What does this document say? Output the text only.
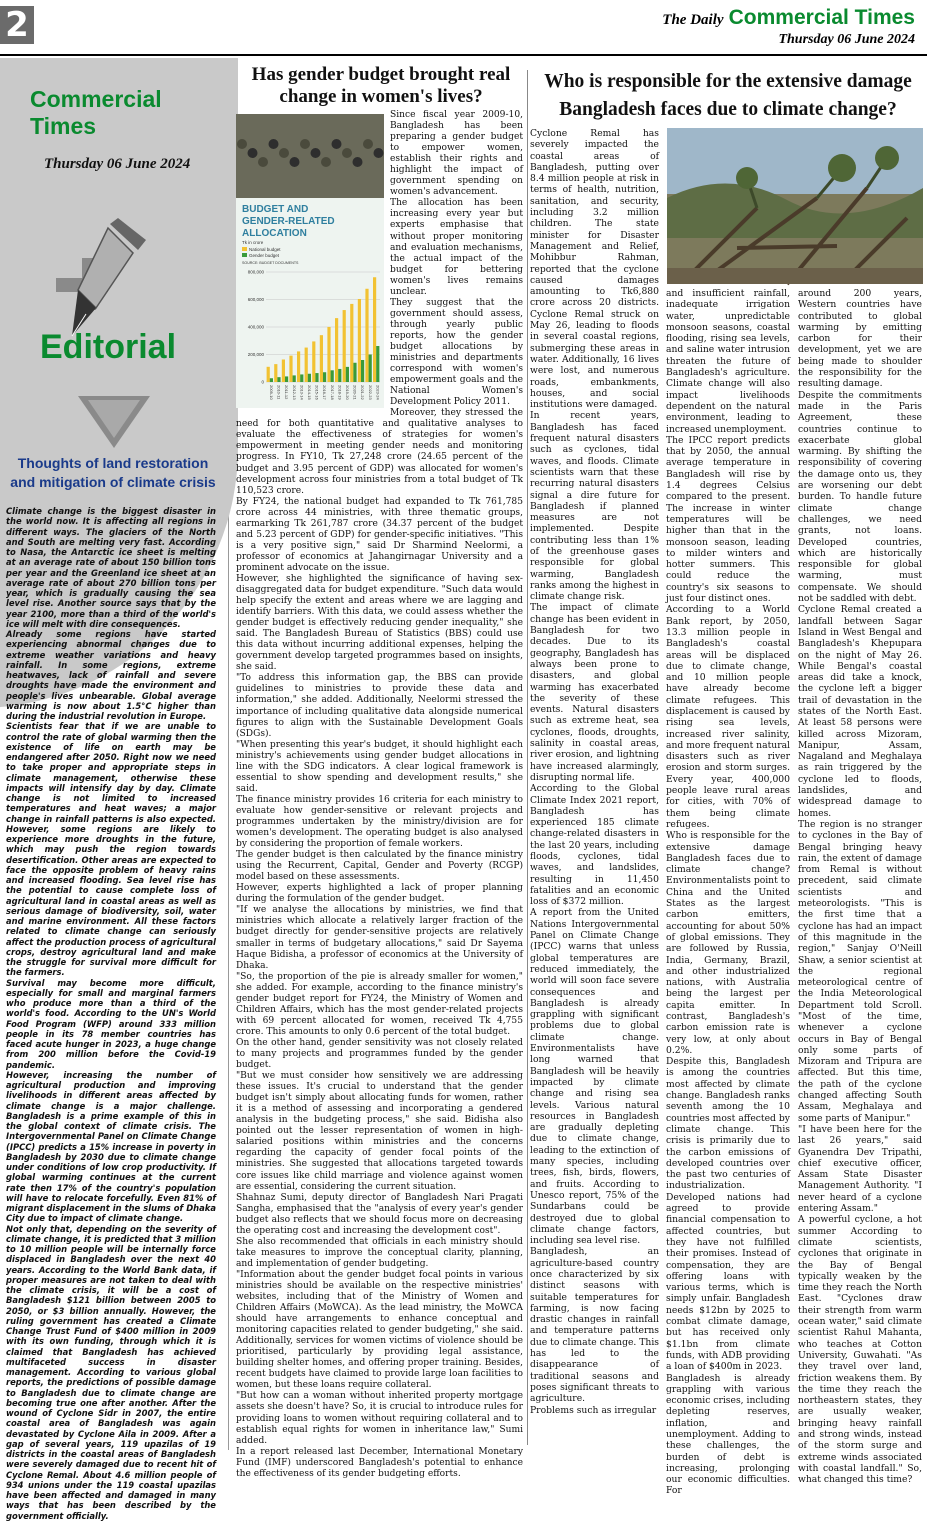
2	The Daily Commercial Times
Thursday 06 June 2024
Commercial Times
Thursday 06 June 2024
Editorial
Thoughts of land restoration and mitigation of climate crisis

Climate change is the biggest disaster in the world now. It is affecting all regions in different ways. The glaciers of the North and South are melting very fast. According to Nasa, the Antarctic ice sheet is melting at an average rate of about 150 billion tons per year and the Greenland ice sheet at an average rate of about 270 billion tons per year, which is gradually causing the sea level rise. Another source says that by the year 2100, more than a third of the world's ice will melt with dire consequences.

Already some regions have started experiencing abnormal changes due to extreme weather variations and heavy rainfall. In some regions, extreme heatwaves, lack of rainfall and severe droughts have made the environment and people's lives unbearable. Global average warming is now about 1.5°C higher than during the industrial revolution in Europe.

Scientists fear that if we are unable to control the rate of global warming then the existence of life on earth may be endangered after 2050. Right now we need to take proper and appropriate steps in climate management, otherwise these impacts will intensify day by day. Climate change is not limited to increased temperatures and heat waves; a major change in rainfall patterns is also expected. However, some regions are likely to experience more droughts in the future, which may push the region towards desertification. Other areas are expected to face the opposite problem of heavy rains and increased flooding. Sea level rise has the potential to cause complete loss of agricultural land in coastal areas as well as serious damage of biodiversity, soil, water and marine environment. All these factors related to climate change can seriously affect the production process of agricultural crops, destroy agricultural land and make the struggle for survival more difficult for the farmers.

Survival may become more difficult, especially for small and marginal farmers who produce more than a third of the world's food. According to the UN's World Food Program (WFP) around 333 million people in its 78 member countries has faced acute hunger in 2023, a huge change from 200 million before the Covid-19 pandemic.

However, increasing the number of agricultural production and improving livelihoods in different areas affected by climate change is a major challenge. Bangladesh is a prime example of this in the global context of climate crisis. The Intergovernmental Panel on Climate Change (IPCC) predicts a 15% increase in poverty in Bangladesh by 2030 due to climate change under conditions of low crop productivity. If global warming continues at the current rate then 17% of the country's population will have to relocate forcefully. Even 81% of migrant displacement in the slums of Dhaka City due to impact of climate change.

Not only that, depending on the severity of climate change, it is predicted that 3 million to 10 million people will be internally force displaced in Bangladesh over the next 40 years. According to the World Bank data, if proper measures are not taken to deal with the climate crisis, it will be a cost of Bangladesh $121 billion between 2005 to 2050, or $3 billion annually. However, the ruling government has created a Climate Change Trust Fund of $400 million in 2009 with its own funding, through which it is claimed that Bangladesh has achieved multifaceted success in disaster management. According to various global reports, the predictions of possible damage to Bangladesh due to climate change are becoming true one after another. After the wound of Cyclone Sidr in 2007, the entire coastal area of Bangladesh was again devastated by Cyclone Aila in 2009. After a gap of several years, 119 upazilas of 19 districts in the coastal areas of Bangladesh were severely damaged due to recent hit of Cyclone Remal. About 4.6 million people of 934 unions under the 119 coastal upazilas have been affected and damaged in many ways that has been described by the government officially.

Has gender budget brought real change in women's lives?
BUDGET AND
GENDER-RELATED
ALLOCATION
Tk in crore
National budget
Gender budget
SOURCE: BUDGET DOCUMENTS
800,000
600,000
400,000
200,000
0
2009-10 2010-11 2011-12 2012-13 2013-14 2014-15 2015-16 2016-17 2017-18 2018-19 2019-20 2020-21 2021-22 2022-23 2023-24

Since fiscal year 2009-10, Bangladesh has been preparing a gender budget to empower women, establish their rights and highlight the impact of government spending on women's advancement.

The allocation has been increasing every year but experts emphasise that without proper monitoring and evaluation mechanisms, the actual impact of the budget for bettering women's lives remains unclear.

They suggest that the government should assess, through yearly public reports, how the gender budget allocations by ministries and departments correspond with women's empowerment goals and the National Women's Development Policy 2011.

Moreover, they stressed the need for both quantitative and qualitative analyses to evaluate the effectiveness of strategies for women's empowerment in meeting gender needs and monitoring progress. In FY10, Tk 27,248 crore (24.65 percent of the budget and 3.95 percent of GDP) was allocated for women's development across four ministries from a total budget of Tk 110,523 crore.

By FY24, the national budget had expanded to Tk 761,785 crore across 44 ministries, with three thematic groups, earmarking Tk 261,787 crore (34.37 percent of the budget and 5.23 percent of GDP) for gender-specific initiatives. "This is a very positive sign," said Dr Sharmind Neelormi, a professor of economics at Jahangirnagar University and a prominent advocate on the issue.

However, she highlighted the significance of having sex-disaggregated data for budget expenditure. "Such data would help specify the extent and areas where we are lagging and identify barriers. With this data, we could assess whether the gender budget is effectively reducing gender inequality," she said. The Bangladesh Bureau of Statistics (BBS) could use this data without incurring additional expenses, helping the government develop targeted programmes based on insights, she said.

"To address this information gap, the BBS can provide guidelines to ministries to provide these data and information," she added. Additionally, Neelormi stressed the importance of including qualitative data alongside numerical figures to align with the Sustainable Development Goals (SDGs).

"When presenting this year's budget, it should highlight each ministry's achievements using gender budget allocations in line with the SDG indicators. A clear logical framework is essential to show spending and development results," she said.

The finance ministry provides 16 criteria for each ministry to evaluate how gender-sensitive or relevant projects and programmes undertaken by the ministry/division are for women's development. The operating budget is also analysed by considering the proportion of female workers.

The gender budget is then calculated by the finance ministry using the Recurrent, Capital, Gender and Poverty (RCGP) model based on these assessments.

However, experts highlighted a lack of proper planning during the formulation of the gender budget.

"If we analyse the allocations by ministries, we find that ministries which allocate a relatively larger fraction of the budget directly for gender-sensitive projects are relatively smaller in terms of budgetary allocations," said Dr Sayema Haque Bidisha, a professor of economics at the University of Dhaka.

"So, the proportion of the pie is already smaller for women," she added. For example, according to the finance ministry's gender budget report for FY24, the Ministry of Women and Children Affairs, which has the most gender-related projects with 69 percent allocated for women, received Tk 4,755 crore. This amounts to only 0.6 percent of the total budget.

On the other hand, gender sensitivity was not closely related to many projects and programmes funded by the gender budget.

"But we must consider how sensitively we are addressing these issues. It's crucial to understand that the gender budget isn't simply about allocating funds for women, rather it is a method of assessing and incorporating a gendered analysis in the budgeting process," she said. Bidisha also pointed out the lesser representation of women in high-salaried positions within ministries and the concerns regarding the capacity of gender focal points of the ministries. She suggested that allocations targeted towards core issues like child marriage and violence against women are essential, considering the current situation.

Shahnaz Sumi, deputy director of Bangladesh Nari Pragati Sangha, emphasised that the "analysis of every year's gender budget also reflects that we should focus more on decreasing the operating cost and increasing the development cost".

She also recommended that officials in each ministry should take measures to improve the conceptual clarity, planning, and implementation of gender budgeting.

"Information about the gender budget focal points in various ministries should be available on the respective ministries' websites, including that of the Ministry of Women and Children Affairs (MoWCA). As the lead ministry, the MoWCA should have arrangements to enhance conceptual and monitoring capacities related to gender budgeting," she said. Additionally, services for women victims of violence should be prioritised, particularly by providing legal assistance, building shelter homes, and offering proper training. Besides, recent budgets have claimed to provide large loan facilities to women, but these loans require collateral.

"But how can a woman without inherited property mortgage assets she doesn't have? So, it is crucial to introduce rules for providing loans to women without requiring collateral and to establish equal rights for women in inheritance law," Sumi added.

In a report released last December, International Monetary Fund (IMF) underscored Bangladesh's potential to enhance the effectiveness of its gender budgeting efforts.

Who is responsible for the extensive damage Bangladesh faces due to climate change?

Cyclone Remal has severely impacted the coastal areas of Bangladesh, putting over 8.4 million people at risk in terms of health, nutrition, sanitation, and security, including 3.2 million children. The state minister for Disaster Management and Relief, Mohibbur Rahman, reported that the cyclone caused damages amounting to Tk6,880 crore across 20 districts. Cyclone Remal struck on May 26, leading to floods in several coastal regions, submerging these areas in water. Additionally, 16 lives were lost, and numerous roads, embankments, houses, and social institutions were damaged.

In recent years, Bangladesh has faced frequent natural disasters such as cyclones, tidal waves, and floods. Climate scientists warn that these recurring natural disasters signal a dire future for Bangladesh if planned measures are not implemented. Despite contributing less than 1% of the greenhouse gases responsible for global warming, Bangladesh ranks among the highest in climate change risk.

The impact of climate change has been evident in Bangladesh for two decades. Due to its geography, Bangladesh has always been prone to disasters, and global warming has exacerbated the severity of these events. Natural disasters such as extreme heat, sea cyclones, floods, droughts, salinity in coastal areas, river erosion, and lightning have increased alarmingly, disrupting normal life.

According to the Global Climate Index 2021 report, Bangladesh has experienced 185 climate change-related disasters in the last 20 years, including floods, cyclones, tidal waves, and landslides, resulting in 11,450 fatalities and an economic loss of $372 million.

A report from the United Nations Intergovernmental Panel on Climate Change (IPCC) warns that unless global temperatures are reduced immediately, the world will soon face severe consequences and Bangladesh is already grappling with significant problems due to global climate change. Environmentalists have long warned that Bangladesh will be heavily impacted by climate change and rising sea levels. Various natural resources in Bangladesh are gradually depleting due to climate change, leading to the extinction of many species, including trees, fish, birds, flowers, and fruits. According to Unesco report, 75% of the Sundarbans could be destroyed due to global climate change factors, including sea level rise.

Bangladesh, an agriculture-based country once characterized by six distinct seasons with suitable temperatures for farming, is now facing drastic changes in rainfall and temperature patterns due to climate change. This has led to the disappearance of traditional seasons and poses significant threats to agriculture.

Problems such as irregular

and insufficient rainfall, inadequate irrigation water, unpredictable monsoon seasons, coastal flooding, rising sea levels, and saline water intrusion threaten the future of Bangladesh's agriculture. Climate change will also impact livelihoods dependent on the natural environment, leading to increased unemployment.

The IPCC report predicts that by 2050, the annual average temperature in Bangladesh will rise by 1.4 degrees Celsius compared to the present. The increase in winter temperatures will be higher than that in the monsoon season, leading to milder winters and hotter summers. This could reduce the country's six seasons to just four distinct ones.

According to a World Bank report, by 2050, 13.3 million people in Bangladesh's coastal areas will be displaced due to climate change, and 10 million people have already become climate refugees. This displacement is caused by rising sea levels, increased river salinity, and more frequent natural disasters such as river erosion and storm surges. Every year, 400,000 people leave rural areas for cities, with 70% of them being climate refugees.

Who is responsible for the extensive damage Bangladesh faces due to climate change? Environmentalists point to China and the United States as the largest carbon emitters, accounting for about 50% of global emissions. They are followed by Russia, India, Germany, Brazil, and other industrialized nations, with Australia being the largest per capita emitter. In contrast, Bangladesh's carbon emission rate is very low, at only about 0.2%.

Despite this, Bangladesh is among the countries most affected by climate change. Bangladesh ranks seventh among the 10 countries most affected by climate change. This crisis is primarily due to the carbon emissions of developed countries over the past two centuries of industrialization. Developed nations had agreed to provide financial compensation to affected countries, but they have not fulfilled their promises. Instead of compensation, they are offering loans with various terms, which is simply unfair. Bangladesh needs $12bn by 2025 to combat climate damage, but has received only $1.1bn from climate funds, with ADB providing a loan of $400m in 2023.

Bangladesh is already grappling with various economic crises, including depleting reserves, inflation, and unemployment. Adding to these challenges, the burden of debt is increasing, prolonging our economic difficulties. For

around 200 years, Western countries have contributed to global warming by emitting carbon for their development, yet we are being made to shoulder the responsibility for the resulting damage.

Despite the commitments made in the Paris Agreement, these countries continue to exacerbate global warming. By shifting the responsibility of covering the damage onto us, they are worsening our debt burden. To handle future climate change challenges, we need grants, not loans. Developed countries, which are historically responsible for global warming, must compensate. We should not be saddled with debt.

Cyclone Remal created a landfall between Sagar Island in West Bengal and Bangladesh's Khepupara on the night of May 26. While Bengal's coastal areas did take a knock, the cyclone left a bigger trail of devastation in the states of the North East. At least 58 persons were killed across Mizoram, Manipur, Assam, Nagaland and Meghalaya as rain triggered by the cyclone led to floods, landslides, and widespread damage to homes.

The region is no stranger to cyclones in the Bay of Bengal bringing heavy rain, the extent of damage from Remal is without precedent, said climate scientists and meteorologists. "This is the first time that a cyclone has had an impact of this magnitude in the region," Sanjay O'Neill Shaw, a senior scientist at the regional meteorological centre of the India Meteorological Department told Scroll. "Most of the time, whenever a cyclone occurs in Bay of Bengal only some parts of Mizoram and Tripura are affected. But this time, the path of the cyclone changed affecting South Assam, Meghalaya and some parts of Manipur."

"I have been here for the last 26 years," said Gyanendra Dev Tripathi, chief executive officer, Assam State Disaster Management Authority. "I never heard of a cyclone entering Assam."

A powerful cyclone, a hot summer According to climate scientists, cyclones that originate in the Bay of Bengal typically weaken by the time they reach the North East. "Cyclones draw their strength from warm ocean water," said climate scientist Rahul Mahanta, who teaches at Cotton University, Guwahati. "As they travel over land, friction weakens them. By the time they reach the northeastern states, they are usually weaker, bringing heavy rainfall and strong winds, instead of the storm surge and extreme winds associated with coastal landfall." So, what changed this time?
